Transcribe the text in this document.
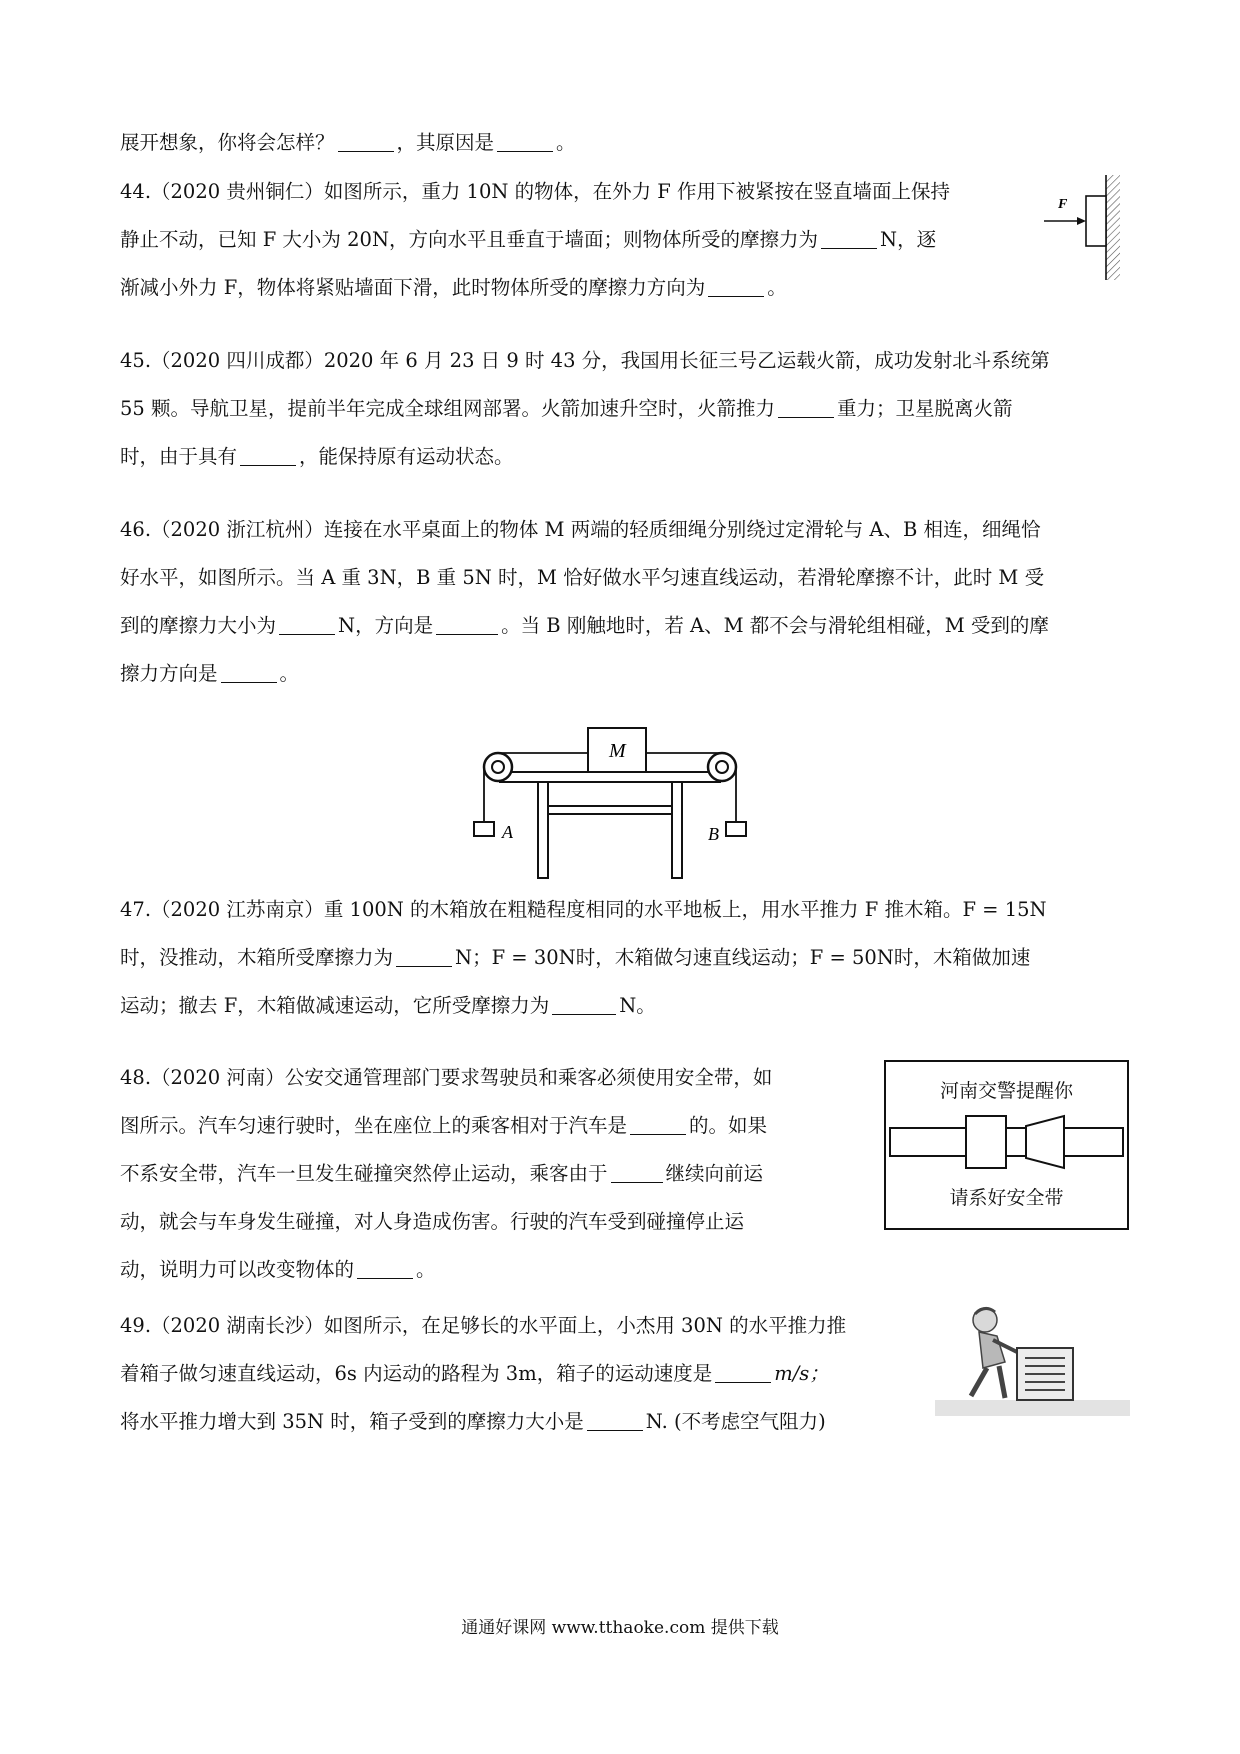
展开想象，你将会怎样？	，其原因是	。
44.（2020 贵州铜仁）如图所示，重力 10N 的物体，在外力 F 作用下被紧按在竖直墙面上保持
静止不动，已知 F 大小为 20N，方向水平且垂直于墙面；则物体所受的摩擦力为	N，逐
渐减小外力 F，物体将紧贴墙面下滑，此时物体所受的摩擦力方向为	。
F
45.（2020 四川成都）2020 年 6 月 23 日 9 时 43 分，我国用长征三号乙运载火箭，成功发射北斗系统第
55 颗。导航卫星，提前半年完成全球组网部署。火箭加速升空时，火箭推力	重力；卫星脱离火箭
时，由于具有	，能保持原有运动状态。
46.（2020 浙江杭州）连接在水平桌面上的物体 M 两端的轻质细绳分别绕过定滑轮与 A、B 相连，细绳恰
好水平，如图所示。当 A 重 3N，B 重 5N 时，M 恰好做水平匀速直线运动，若滑轮摩擦不计，此时 M 受
到的摩擦力大小为	N，方向是	。当 B 刚触地时，若 A、M 都不会与滑轮组相碰，M 受到的摩
擦力方向是	。
M
A	B
47.（2020 江苏南京）重 100N 的木箱放在粗糙程度相同的水平地板上，用水平推力 F 推木箱。F = 15N
时，没推动，木箱所受摩擦力为	N；F = 30N时，木箱做匀速直线运动；F = 50N时，木箱做加速
运动；撤去 F，木箱做减速运动，它所受摩擦力为	N。
48.（2020 河南）公安交通管理部门要求驾驶员和乘客必须使用安全带，如
图所示。汽车匀速行驶时，坐在座位上的乘客相对于汽车是	的。如果
不系安全带，汽车一旦发生碰撞突然停止运动，乘客由于	继续向前运
动，就会与车身发生碰撞，对人身造成伤害。行驶的汽车受到碰撞停止运
动，说明力可以改变物体的	。
河南交警提醒你
请系好安全带
49.（2020 湖南长沙）如图所示，在足够长的水平面上，小杰用 30N 的水平推力推
着箱子做匀速直线运动，6s 内运动的路程为 3m，箱子的运动速度是	m/s；
将水平推力增大到 35N 时，箱子受到的摩擦力大小是	N. (不考虑空气阻力)
通通好课网 www.tthaoke.com 提供下载
